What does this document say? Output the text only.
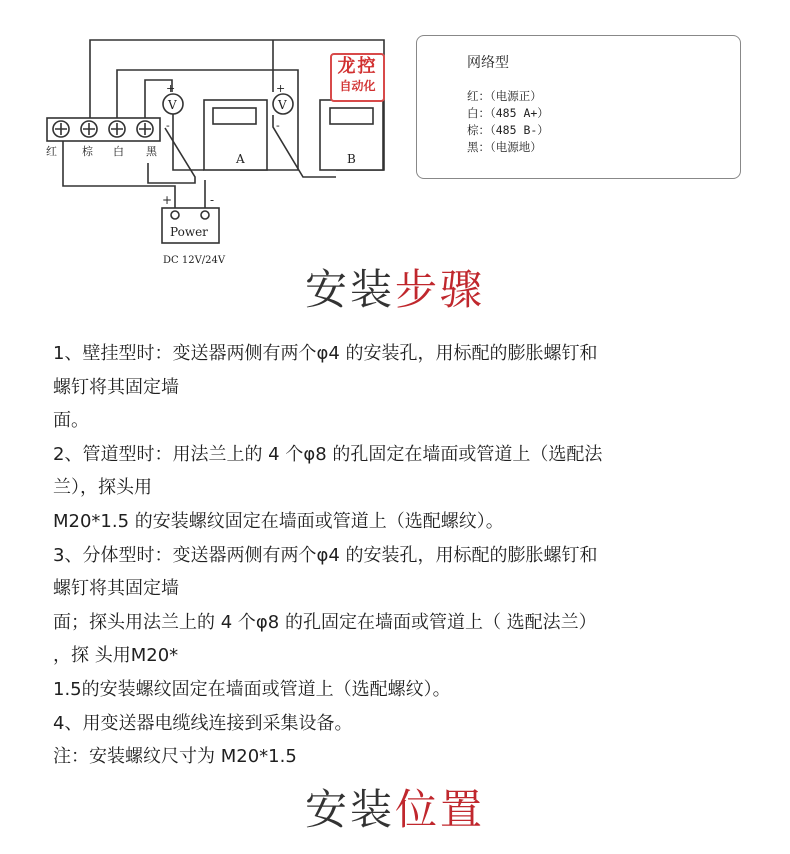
红 棕 白 黑
+	-
V
+
-
V
+
-
A	B
Power
DC 12V/24V
龙控
自动化
网络型
红：（电源正）
白：（485 A+）
棕：（485 B-）
黑：（电源地）
安装步骤
1、壁挂型时：变送器两侧有两个φ4 的安装孔，用标配的膨胀螺钉和
螺钉将其固定墙
面。
2、管道型时：用法兰上的 4 个φ8 的孔固定在墙面或管道上（选配法
兰），探头用
M20*1.5 的安装螺纹固定在墙面或管道上（选配螺纹）。
3、分体型时：变送器两侧有两个φ4 的安装孔，用标配的膨胀螺钉和
螺钉将其固定墙
面；探头用法兰上的 4 个φ8 的孔固定在墙面或管道上（ 选配法兰）
，探 头用M20*
1.5的安装螺纹固定在墙面或管道上（选配螺纹）。
4、用变送器电缆线连接到采集设备。
注：安装螺纹尺寸为 M20*1.5
安装位置
